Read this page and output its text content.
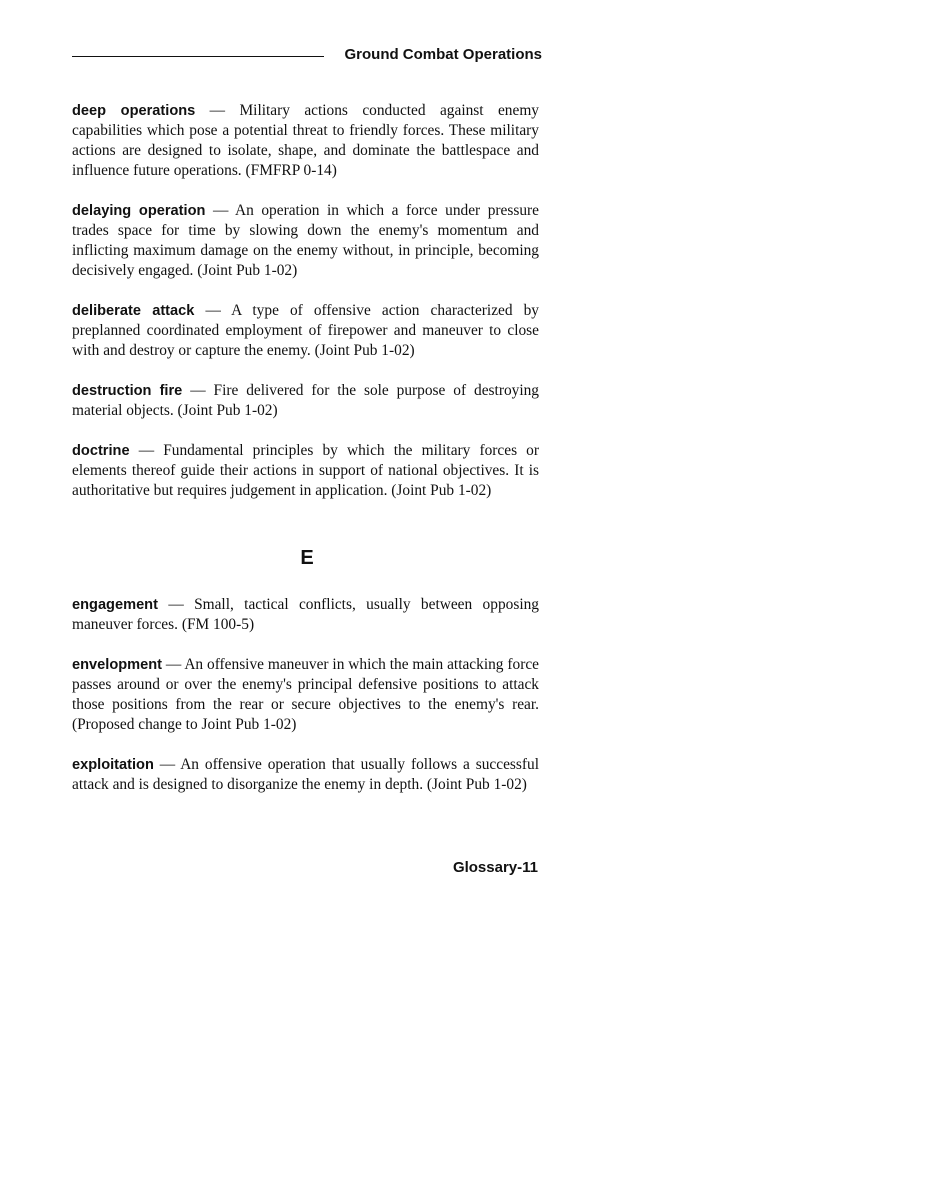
Ground Combat Operations

deep operations — Military actions conducted against enemy capabilities which pose a potential threat to friendly forces. These military actions are designed to isolate, shape, and dominate the battlespace and influence future operations. (FMFRP 0-14)

delaying operation — An operation in which a force under pressure trades space for time by slowing down the enemy's momentum and inflicting maximum damage on the enemy without, in principle, becoming decisively engaged. (Joint Pub 1-02)

deliberate attack — A type of offensive action characterized by preplanned coordinated employment of firepower and maneuver to close with and destroy or capture the enemy. (Joint Pub 1-02)

destruction fire — Fire delivered for the sole purpose of destroying material objects. (Joint Pub 1-02)

doctrine — Fundamental principles by which the military forces or elements thereof guide their actions in support of national objectives. It is authoritative but requires judgement in application. (Joint Pub 1-02)

E

engagement — Small, tactical conflicts, usually between opposing maneuver forces. (FM 100-5)

envelopment — An offensive maneuver in which the main attacking force passes around or over the enemy's principal defensive positions to attack those positions from the rear or secure objectives to the enemy's rear. (Proposed change to Joint Pub 1-02)

exploitation — An offensive operation that usually follows a successful attack and is designed to disorganize the enemy in depth. (Joint Pub 1-02)

Glossary-11
